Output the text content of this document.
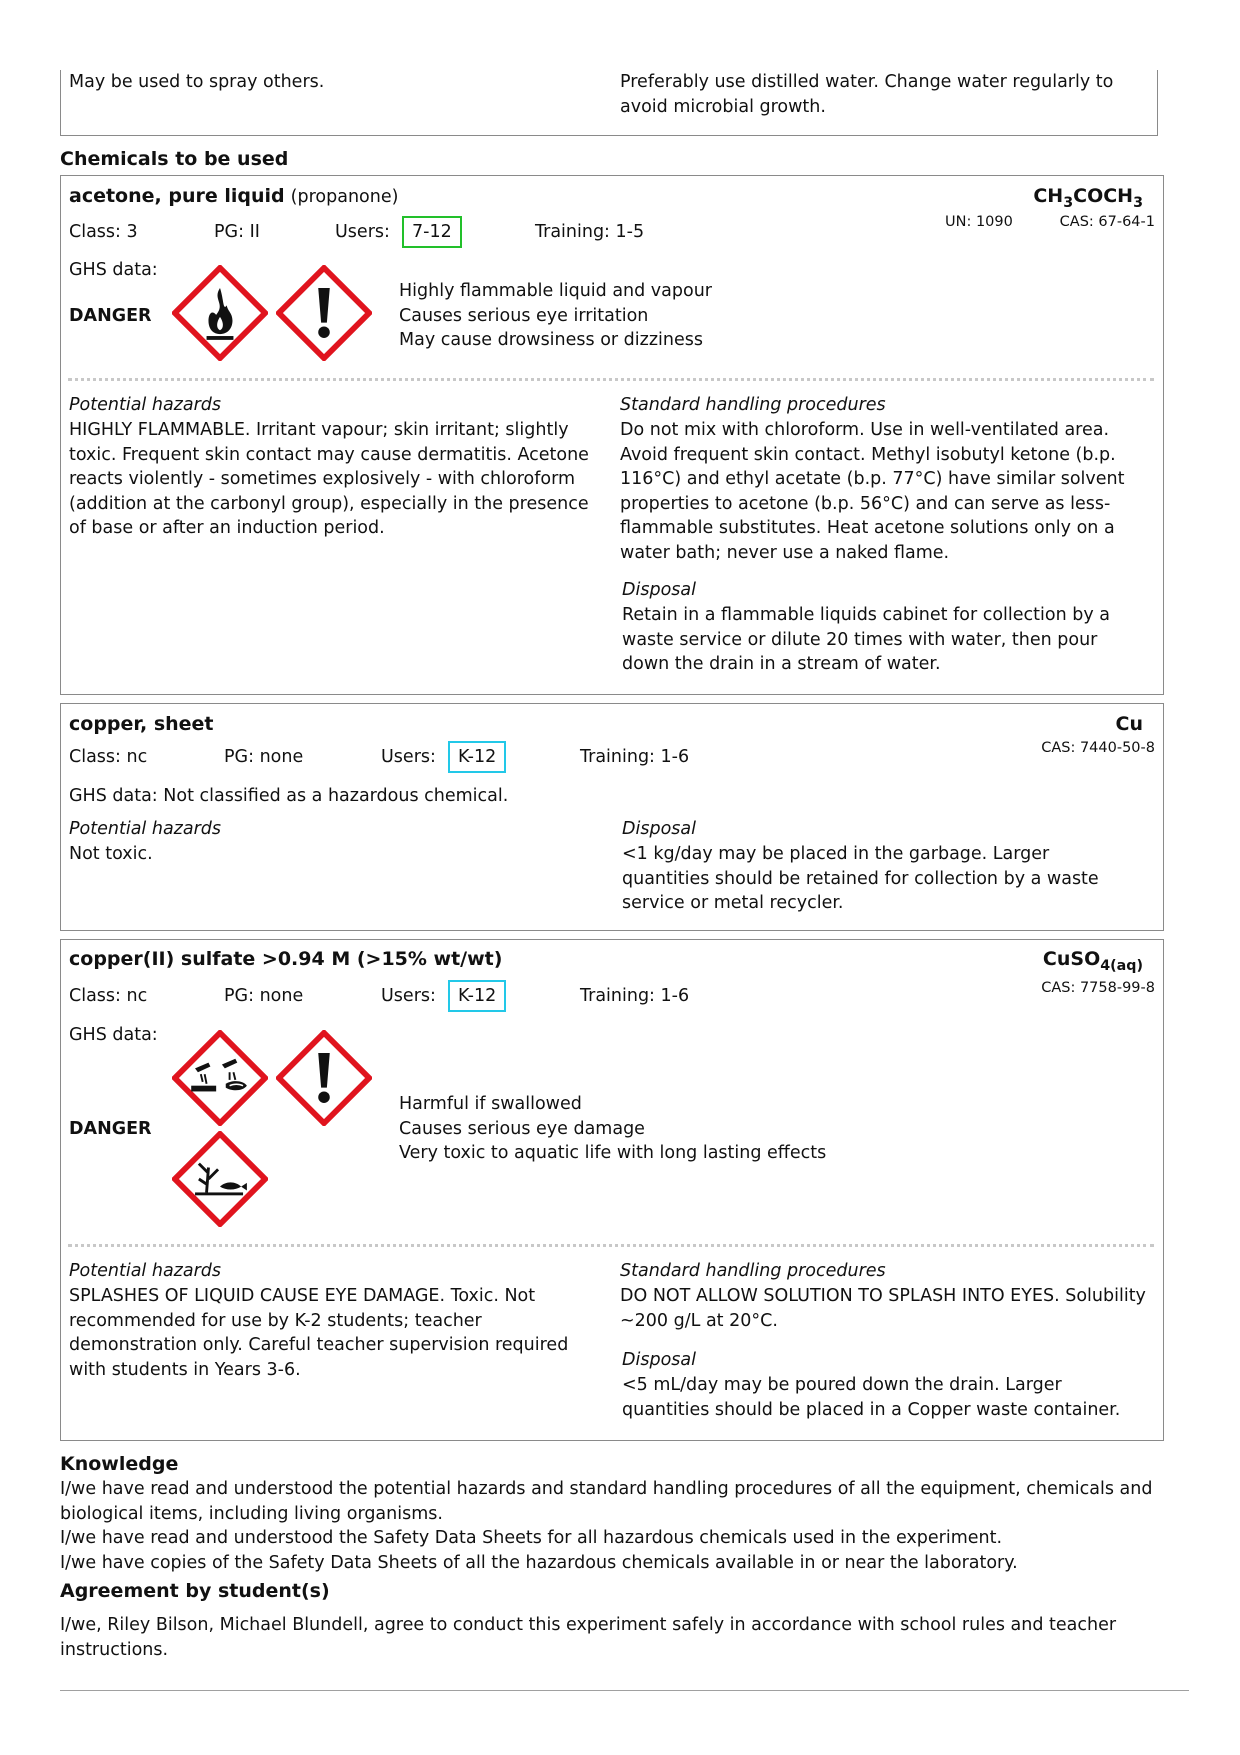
May be used to spray others.	Preferably use distilled water. Change water regularly to avoid microbial growth.
Chemicals to be used
acetone, pure liquid (propanone)	$CH_3COCH_3$
UN: 1090	CAS: 67-64-1
Class: 3	PG: II	Users:	7-12	Training: 1-5
GHS data:
DANGER
Highly flammable liquid and vapour
Causes serious eye irritation
May cause drowsiness or dizziness
Potential hazards
HIGHLY FLAMMABLE. Irritant vapour; skin irritant; slightly toxic. Frequent skin contact may cause dermatitis. Acetone reacts violently - sometimes explosively - with chloroform (addition at the carbonyl group), especially in the presence of base or after an induction period.
Standard handling procedures
Do not mix with chloroform. Use in well-ventilated area. Avoid frequent skin contact. Methyl isobutyl ketone (b.p. 116°C) and ethyl acetate (b.p. 77°C) have similar solvent properties to acetone (b.p. 56°C) and can serve as less-flammable substitutes. Heat acetone solutions only on a water bath; never use a naked flame.
Disposal
Retain in a flammable liquids cabinet for collection by a waste service or dilute 20 times with water, then pour down the drain in a stream of water.
copper, sheet	Cu
CAS: 7440-50-8
Class: nc	PG: none	Users:	K-12	Training: 1-6
GHS data: Not classified as a hazardous chemical.
Potential hazards
Not toxic.
Disposal
<1 kg/day may be placed in the garbage. Larger quantities should be retained for collection by a waste service or metal recycler.
copper(II) sulfate >0.94 M (>15% wt/wt)	CuSO$_{4(aq)}$
CAS: 7758-99-8
Class: nc	PG: none	Users:	K-12	Training: 1-6
GHS data:
DANGER
Harmful if swallowed
Causes serious eye damage
Very toxic to aquatic life with long lasting effects
Potential hazards
SPLASHES OF LIQUID CAUSE EYE DAMAGE. Toxic. Not recommended for use by K-2 students; teacher demonstration only. Careful teacher supervision required with students in Years 3-6.
Standard handling procedures
DO NOT ALLOW SOLUTION TO SPLASH INTO EYES. Solubility ~200 g/L at 20°C.
Disposal
<5 mL/day may be poured down the drain. Larger quantities should be placed in a Copper waste container.
Knowledge
I/we have read and understood the potential hazards and standard handling procedures of all the equipment, chemicals and biological items, including living organisms.
I/we have read and understood the Safety Data Sheets for all hazardous chemicals used in the experiment.
I/we have copies of the Safety Data Sheets of all the hazardous chemicals available in or near the laboratory.
Agreement by student(s)
I/we, Riley Bilson, Michael Blundell, agree to conduct this experiment safely in accordance with school rules and teacher instructions.
